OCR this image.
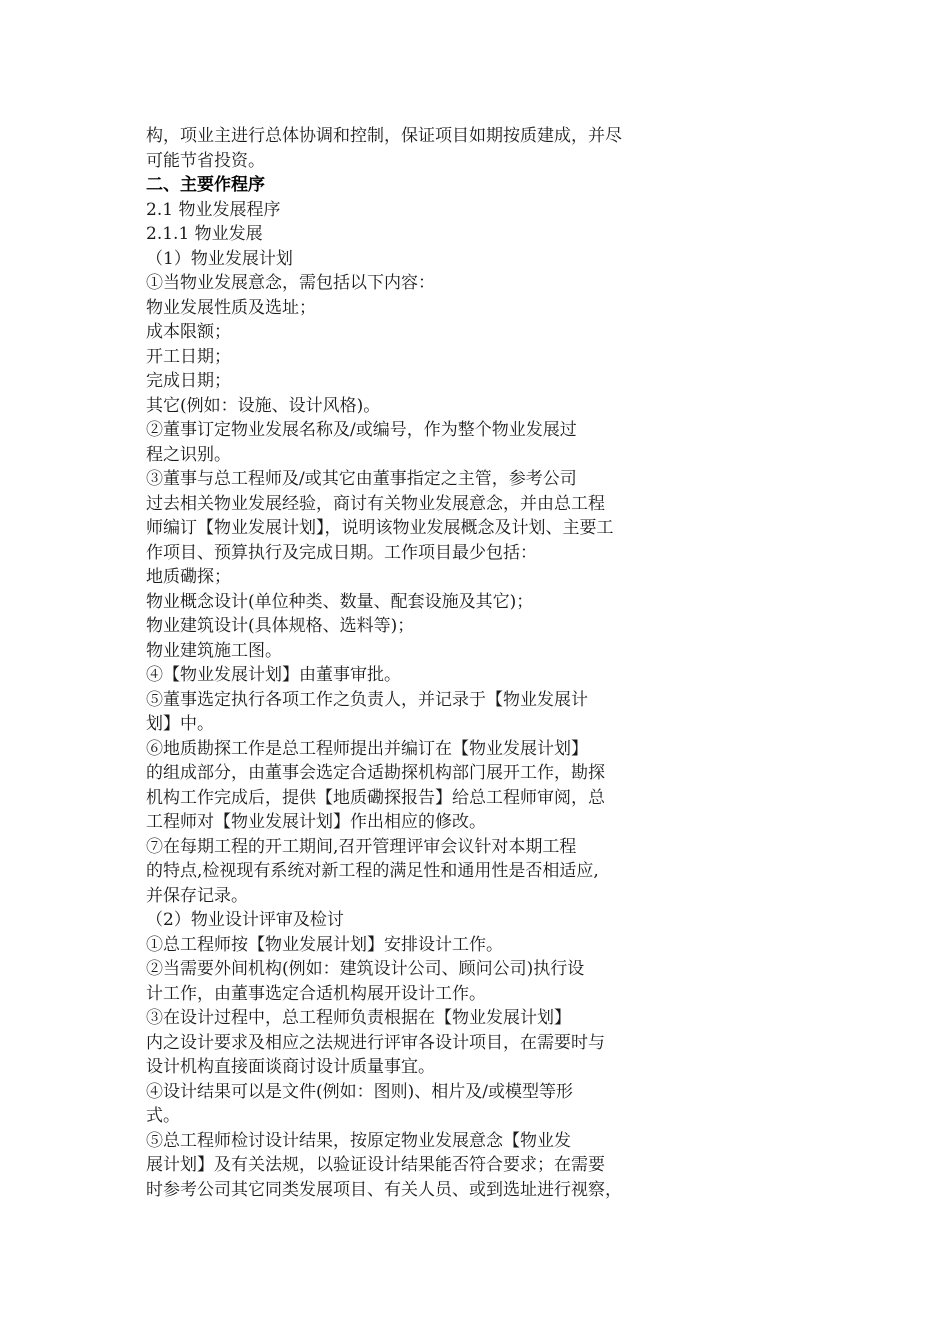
构，项业主进行总体协调和控制，保证项目如期按质建成，并尽
可能节省投资。
二、主要作程序
2.1 物业发展程序
2.1.1 物业发展
（1）物业发展计划
①当物业发展意念，需包括以下内容：
物业发展性质及选址；
成本限额；
开工日期；
完成日期；
其它(例如：设施、设计风格)。
②董事订定物业发展名称及/或编号，作为整个物业发展过
程之识别。
③董事与总工程师及/或其它由董事指定之主管，参考公司
过去相关物业发展经验，商讨有关物业发展意念，并由总工程
师编订【物业发展计划】，说明该物业发展概念及计划、主要工
作项目、预算执行及完成日期。工作项目最少包括：
地质磡探；
物业概念设计(单位种类、数量、配套设施及其它)；
物业建筑设计(具体规格、选料等)；
物业建筑施工图。
④【物业发展计划】由董事审批。
⑤董事选定执行各项工作之负责人，并记录于【物业发展计
划】中。
⑥地质勘探工作是总工程师提出并编订在【物业发展计划】
的组成部分，由董事会选定合适勘探机构部门展开工作，勘探
机构工作完成后，提供【地质磡探报告】给总工程师审阅，总
工程师对【物业发展计划】作出相应的修改。
⑦在每期工程的开工期间,召开管理评审会议针对本期工程
的特点,检视现有系统对新工程的满足性和通用性是否相适应,
并保存记录。
（2）物业设计评审及检讨
①总工程师按【物业发展计划】安排设计工作。
②当需要外间机构(例如：建筑设计公司、顾问公司)执行设
计工作，由董事选定合适机构展开设计工作。
③在设计过程中，总工程师负责根据在【物业发展计划】
内之设计要求及相应之法规进行评审各设计项目，在需要时与
设计机构直接面谈商讨设计质量事宜。
④设计结果可以是文件(例如：图则)、相片及/或模型等形
式。
⑤总工程师检讨设计结果，按原定物业发展意念【物业发
展计划】及有关法规，以验证设计结果能否符合要求；在需要
时参考公司其它同类发展项目、有关人员、或到选址进行视察，
